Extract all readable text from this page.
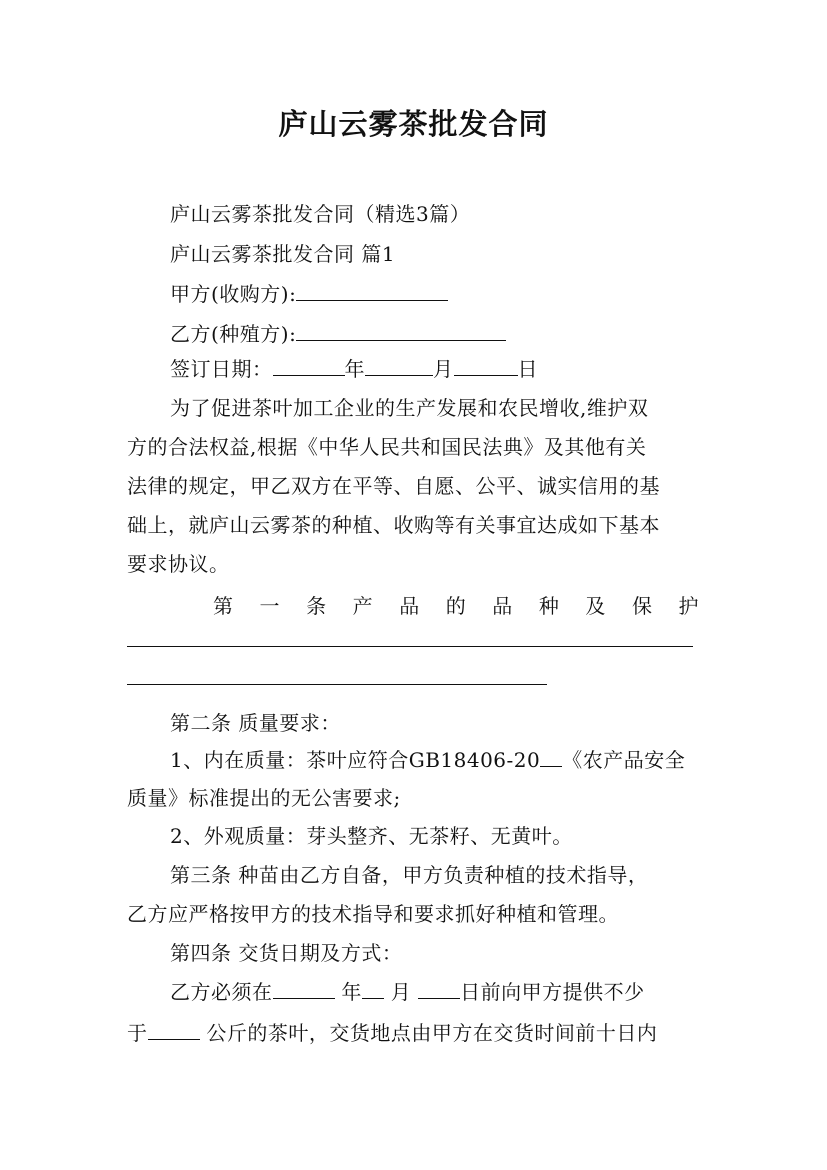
庐山云雾茶批发合同
庐山云雾茶批发合同（精选3篇）
庐山云雾茶批发合同 篇1
甲方(收购方):
乙方(种殖方):
签订日期：	年	月	日
为了促进茶叶加工企业的生产发展和农民增收,维护双
方的合法权益,根据《中华人民共和国民法典》及其他有关
法律的规定，甲乙双方在平等、自愿、公平、诚实信用的基
础上，就庐山云雾茶的种植、收购等有关事宜达成如下基本
要求协议。
第 一 条 产 品 的 品 种 及 保 护
第二条 质量要求：
1、内在质量：茶叶应符合GB18406-20 《农产品安全
质量》标准提出的无公害要求;
2、外观质量：芽头整齐、无茶籽、无黄叶。
第三条 种苗由乙方自备，甲方负责种植的技术指导，
乙方应严格按甲方的技术指导和要求抓好种植和管理。
第四条 交货日期及方式：
乙方必须在	年 月 日前向甲方提供不少
于	公斤的茶叶，交货地点由甲方在交货时间前十日内
